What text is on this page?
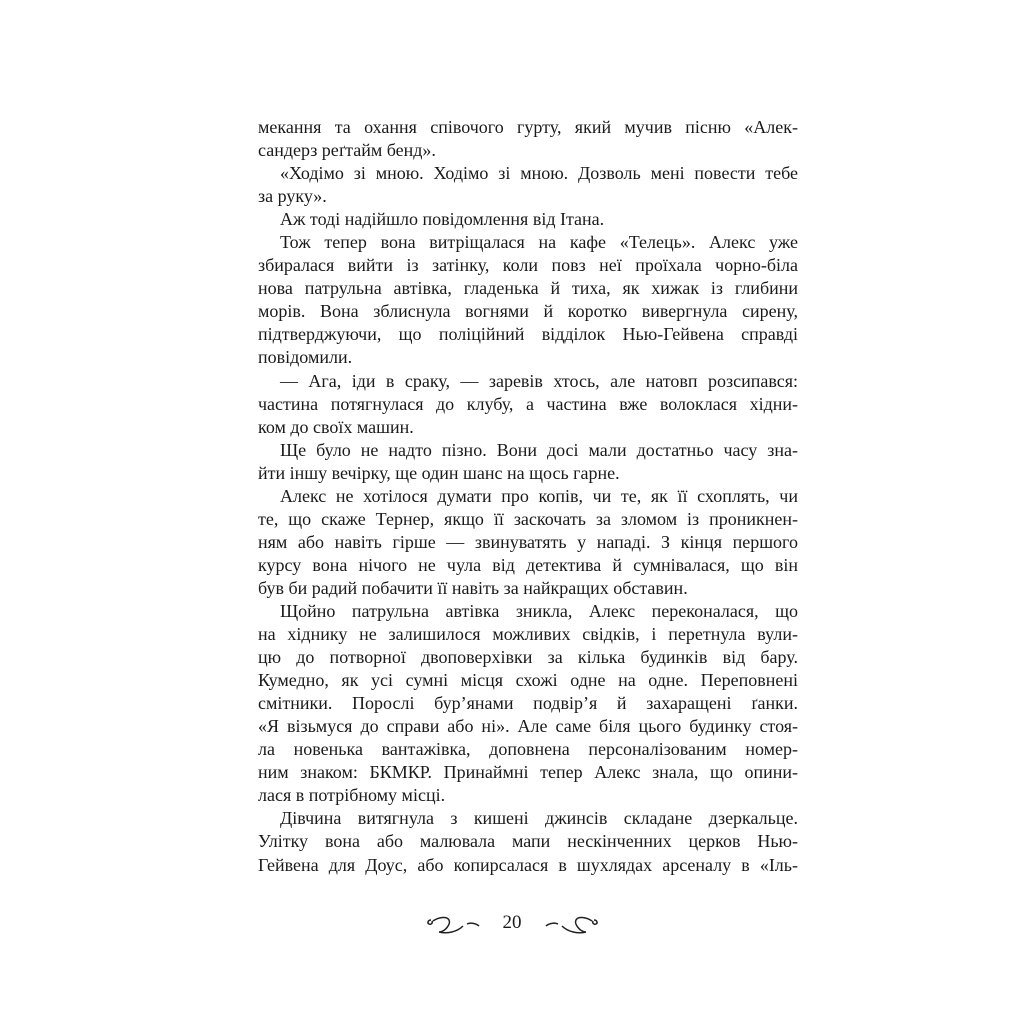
мекання та охання співочого гурту, який мучив пісню «Алек-
сандерз реґтайм бенд».
«Ходімо зі мною. Ходімо зі мною. Дозволь мені повести тебе
за руку».
Аж тоді надійшло повідомлення від Ітана.
Тож тепер вона витріщалася на кафе «Телець». Алекс уже
збиралася вийти із затінку, коли повз неї проїхала чорно-біла
нова патрульна автівка, гладенька й тиха, як хижак із глибини
морів. Вона зблиснула вогнями й коротко вивергнула сирену,
підтверджуючи, що поліційний відділок Нью-Гейвена справді
повідомили.
— Ага, іди в сраку, — заревів хтось, але натовп розсипався:
частина потягнулася до клубу, а частина вже волоклася хідни-
ком до своїх машин.
Ще було не надто пізно. Вони досі мали достатньо часу зна-
йти іншу вечірку, ще один шанс на щось гарне.
Алекс не хотілося думати про копів, чи те, як її схоплять, чи
те, що скаже Тернер, якщо її заскочать за зломом із проникнен-
ням або навіть гірше — звинуватять у нападі. З кінця першого
курсу вона нічого не чула від детектива й сумнівалася, що він
був би радий побачити її навіть за найкращих обставин.
Щойно патрульна автівка зникла, Алекс переконалася, що
на хіднику не залишилося можливих свідків, і перетнула вули-
цю до потворної двоповерхівки за кілька будинків від бару.
Кумедно, як усі сумні місця схожі одне на одне. Переповнені
смітники. Порослі бур’янами подвір’я й захаращені ґанки.
«Я візьмуся до справи або ні». Але саме біля цього будинку стоя-
ла новенька вантажівка, доповнена персоналізованим номер-
ним знаком: БКМКР. Принаймні тепер Алекс знала, що опини-
лася в потрібному місці.
Дівчина витягнула з кишені джинсів складане дзеркальце.
Улітку вона або малювала мапи нескінченних церков Нью-
Гейвена для Доус, або копирсалася в шухлядах арсеналу в «Іль-
20
